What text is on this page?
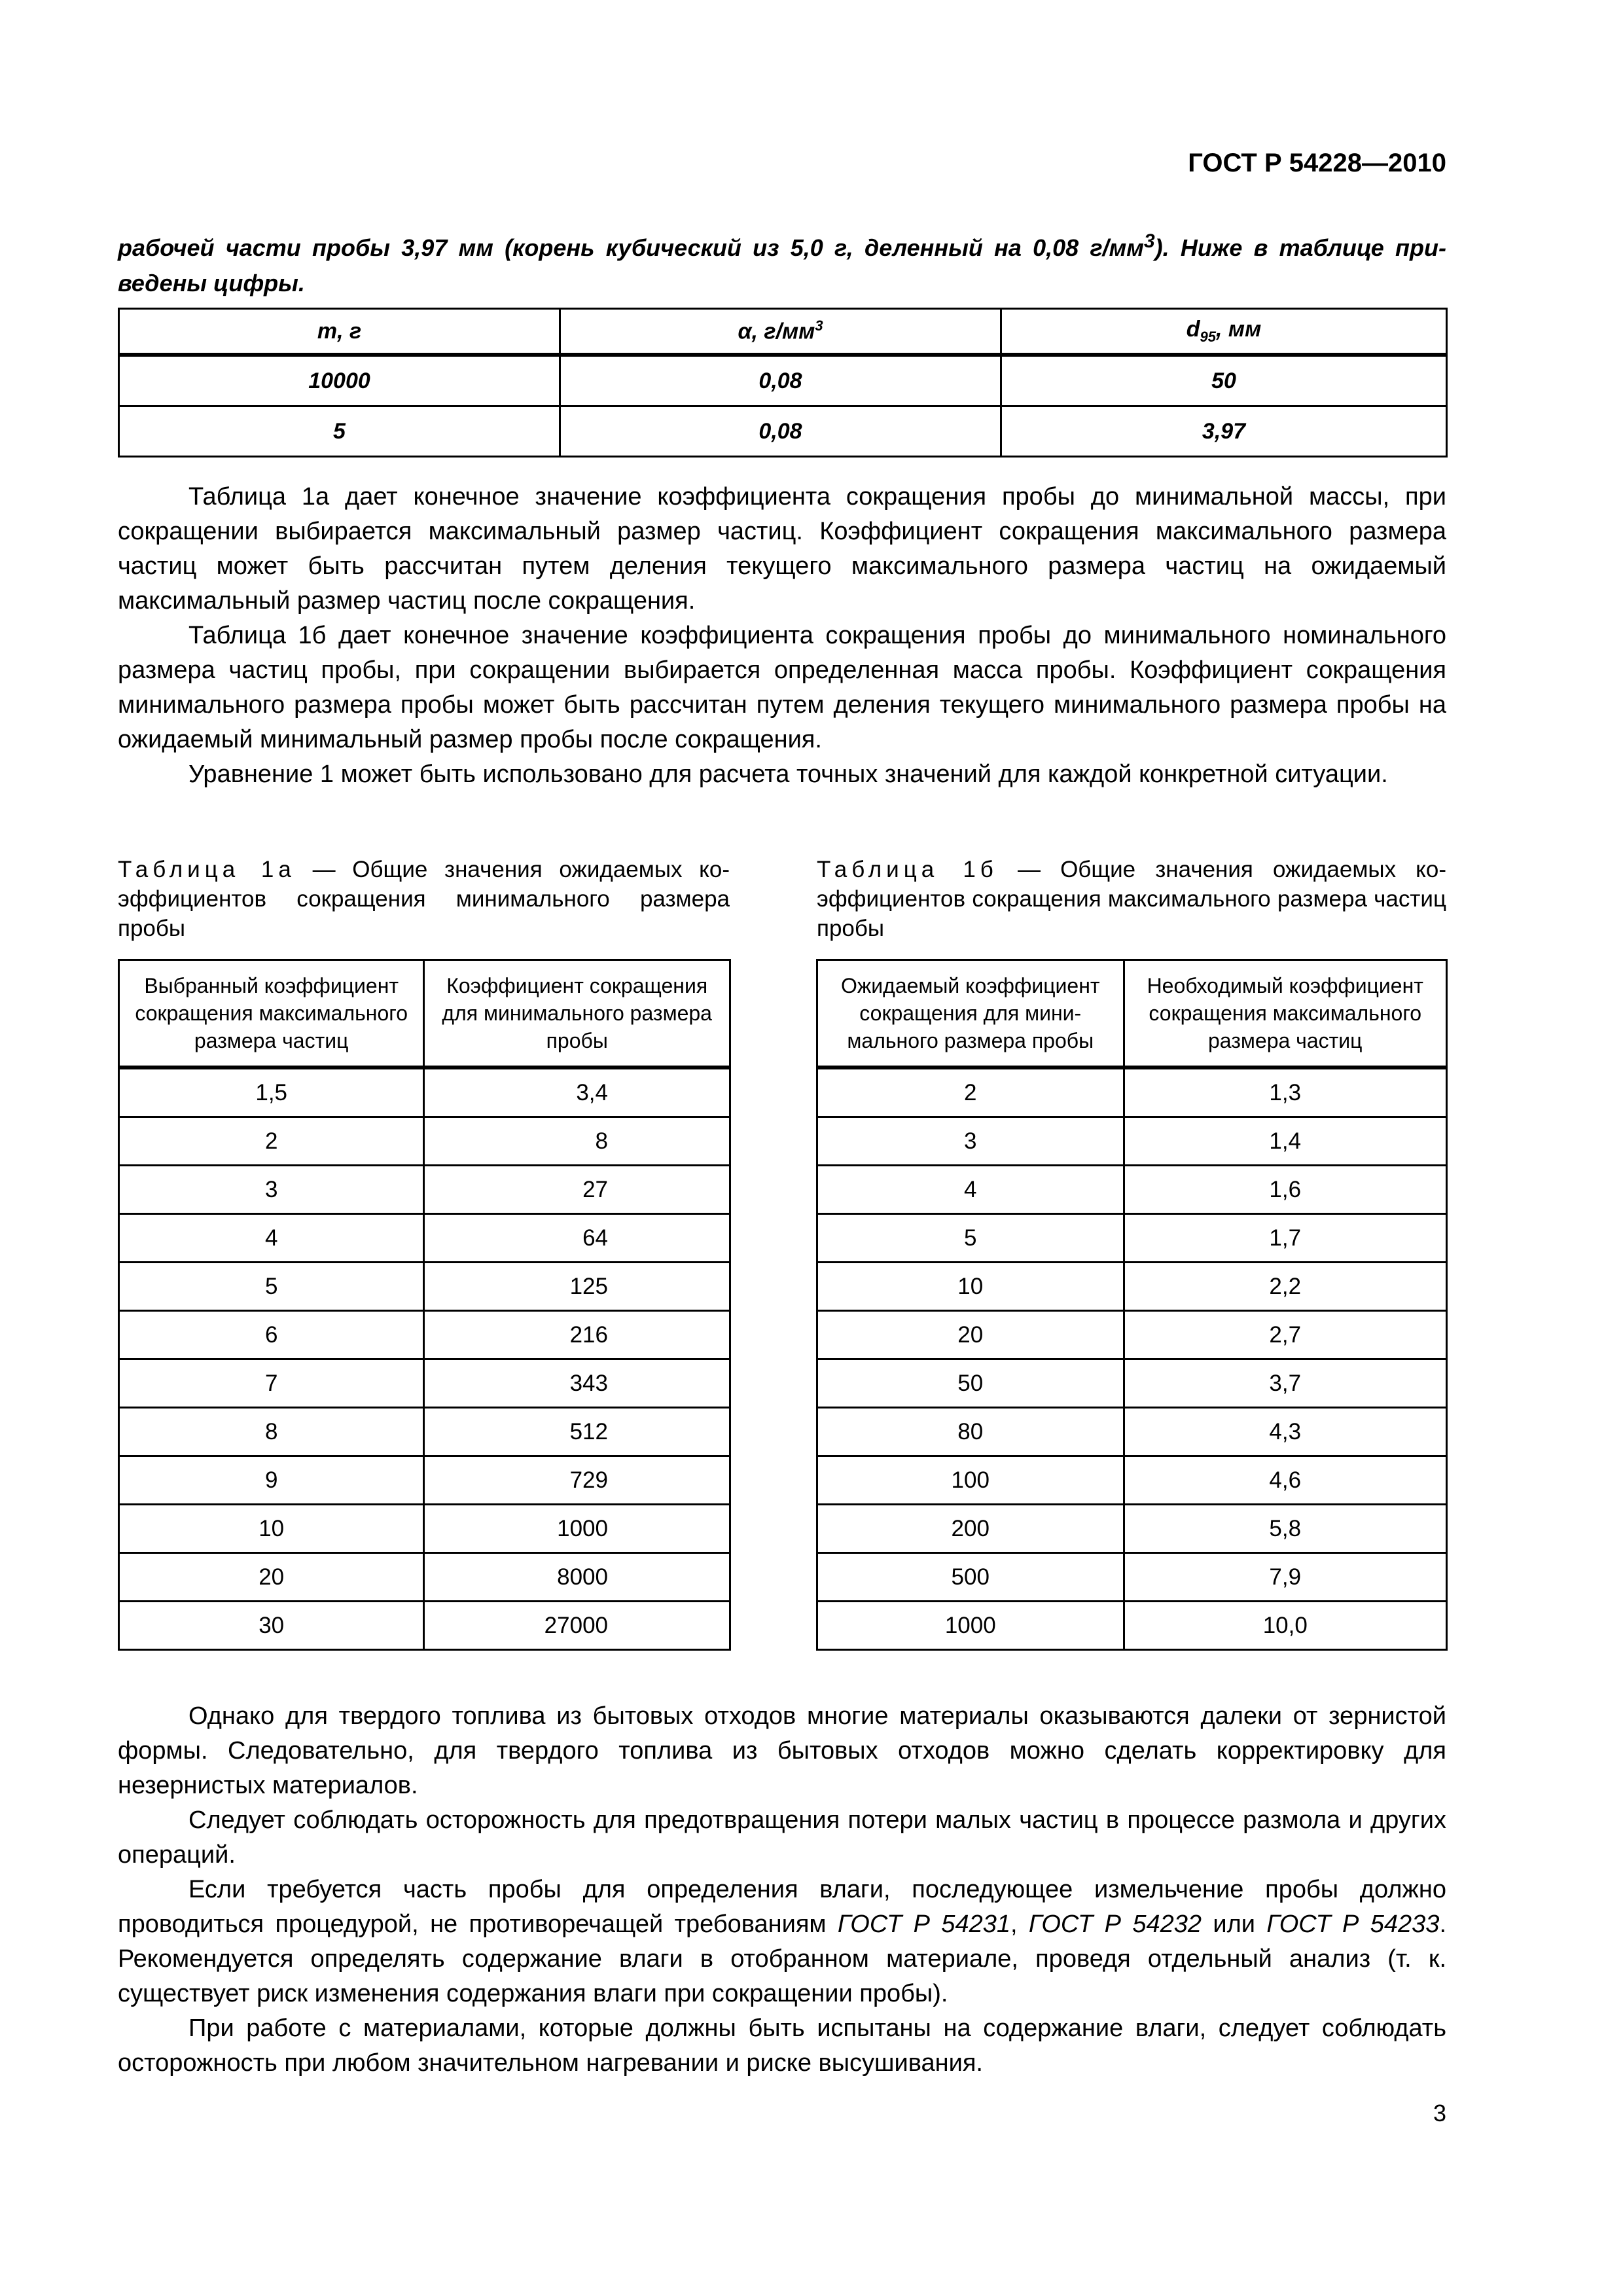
ГОСТ Р 54228—2010
рабочей части пробы 3,97 мм (корень кубический из 5,0 г, деленный на 0,08 $г/мм^3$). Ниже в таблице приведены цифры.
m, г	α, $г/мм^3$	$d_{95}$, мм
10000	0,08	50
5	0,08	3,97

Таблица 1а дает конечное значение коэффициента сокращения пробы до минимальной массы, при сокращении выбирается максимальный размер частиц. Коэффициент сокращения максимального размера частиц может быть рассчитан путем деления текущего максимального размера частиц на ожидаемый максимальный размер частиц после сокращения.

Таблица 1б дает конечное значение коэффициента сокращения пробы до минимального номинального размера частиц пробы, при сокращении выбирается определенная масса пробы. Коэффициент сокращения минимального размера пробы может быть рассчитан путем деления текущего минимального размера пробы на ожидаемый минимальный размер пробы после сокращения.

Уравнение 1 может быть использовано для расчета точных значений для каждой конкретной ситуации.

Таблица 1а — Общие значения ожидаемых коэффициентов сокращения минимального размера пробы
Таблица 1б — Общие значения ожидаемых коэффициентов сокращения максимального размера частиц пробы
Выбранный коэффициент сокращения максимального размера частиц	Коэффициент сокращения для минимального размера пробы
1,5	3,4
2	8
3	27
4	64
5	125
6	216
7	343
8	512
9	729
10	1000
20	8000
30	27000
Ожидаемый коэффициент сокращения для минимального размера пробы	Необходимый коэффициент сокращения максимального размера частиц
2	1,3
3	1,4
4	1,6
5	1,7
10	2,2
20	2,7
50	3,7
80	4,3
100	4,6
200	5,8
500	7,9
1000	10,0

Однако для твердого топлива из бытовых отходов многие материалы оказываются далеки от зернистой формы. Следовательно, для твердого топлива из бытовых отходов можно сделать корректировку для незернистых материалов.

Следует соблюдать осторожность для предотвращения потери малых частиц в процессе размола и других операций.

Если требуется часть пробы для определения влаги, последующее измельчение пробы должно проводиться процедурой, не противоречащей требованиям ГОСТ Р 54231, ГОСТ Р 54232 или ГОСТ Р 54233. Рекомендуется определять содержание влаги в отобранном материале, проведя отдельный анализ (т. к. существует риск изменения содержания влаги при сокращении пробы).

При работе с материалами, которые должны быть испытаны на содержание влаги, следует соблюдать осторожность при любом значительном нагревании и риске высушивания.

3
